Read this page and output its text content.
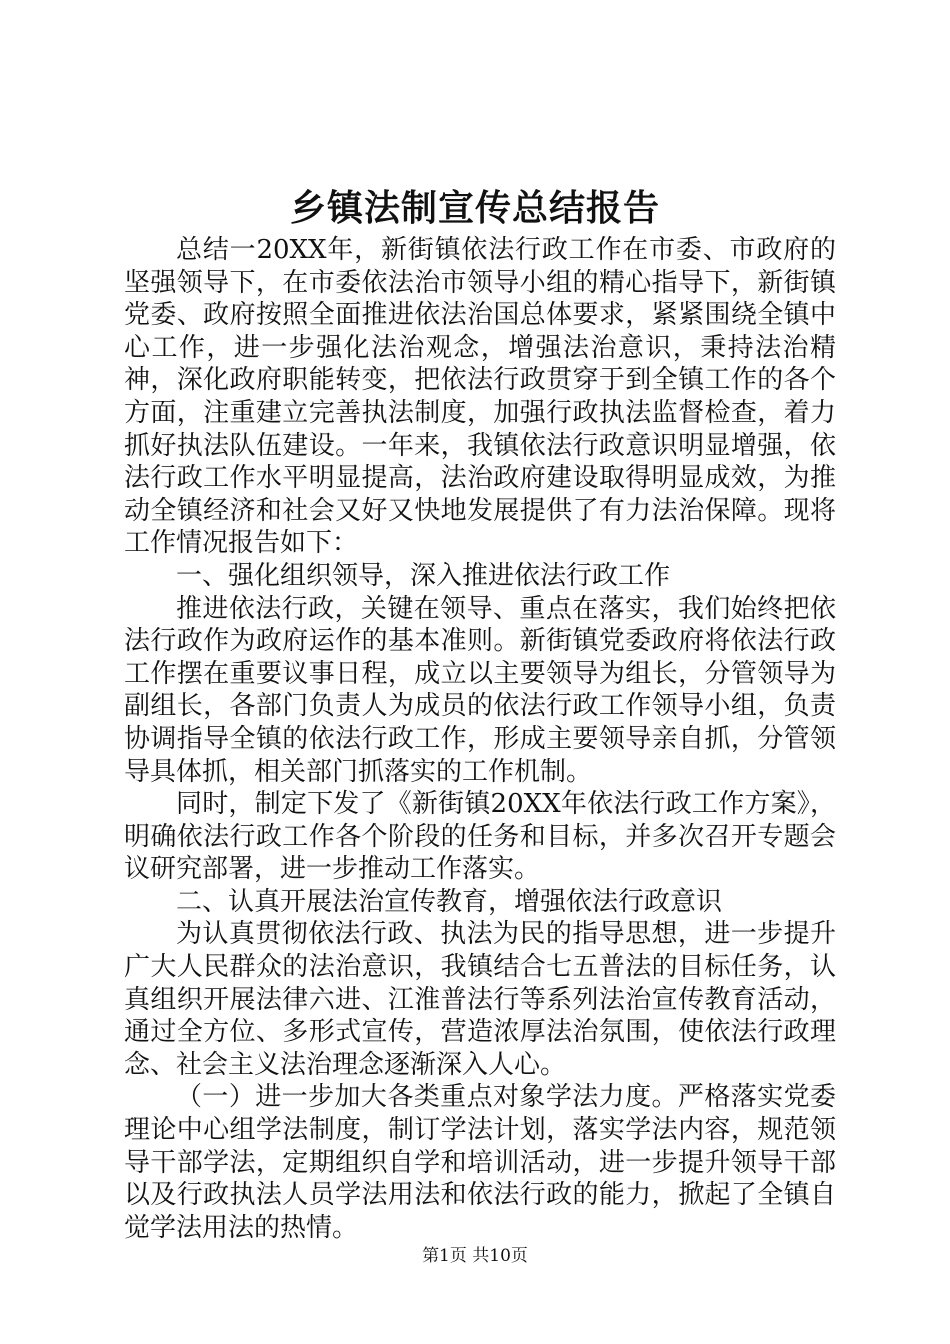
乡镇法制宣传总结报告

总结一20XX年，新街镇依法行政工作在市委、市政府的坚强领导下，在市委依法治市领导小组的精心指导下，新街镇党委、政府按照全面推进依法治国总体要求，紧紧围绕全镇中心工作，进一步强化法治观念，增强法治意识，秉持法治精神，深化政府职能转变，把依法行政贯穿于到全镇工作的各个方面，注重建立完善执法制度，加强行政执法监督检查，着力抓好执法队伍建设。一年来，我镇依法行政意识明显增强，依法行政工作水平明显提高，法治政府建设取得明显成效，为推动全镇经济和社会又好又快地发展提供了有力法治保障。现将工作情况报告如下：

一、强化组织领导，深入推进依法行政工作

推进依法行政，关键在领导、重点在落实，我们始终把依法行政作为政府运作的基本准则。新街镇党委政府将依法行政工作摆在重要议事日程，成立以主要领导为组长，分管领导为副组长，各部门负责人为成员的依法行政工作领导小组，负责协调指导全镇的依法行政工作，形成主要领导亲自抓，分管领导具体抓，相关部门抓落实的工作机制。

同时，制定下发了《新街镇20XX年依法行政工作方案》，明确依法行政工作各个阶段的任务和目标，并多次召开专题会议研究部署，进一步推动工作落实。

二、认真开展法治宣传教育，增强依法行政意识

为认真贯彻依法行政、执法为民的指导思想，进一步提升广大人民群众的法治意识，我镇结合七五普法的目标任务，认真组织开展法律六进、江淮普法行等系列法治宣传教育活动，通过全方位、多形式宣传，营造浓厚法治氛围，使依法行政理念、社会主义法治理念逐渐深入人心。

（一）进一步加大各类重点对象学法力度。严格落实党委理论中心组学法制度，制订学法计划，落实学法内容，规范领导干部学法，定期组织自学和培训活动，进一步提升领导干部以及行政执法人员学法用法和依法行政的能力，掀起了全镇自觉学法用法的热情。

第1页 共10页
